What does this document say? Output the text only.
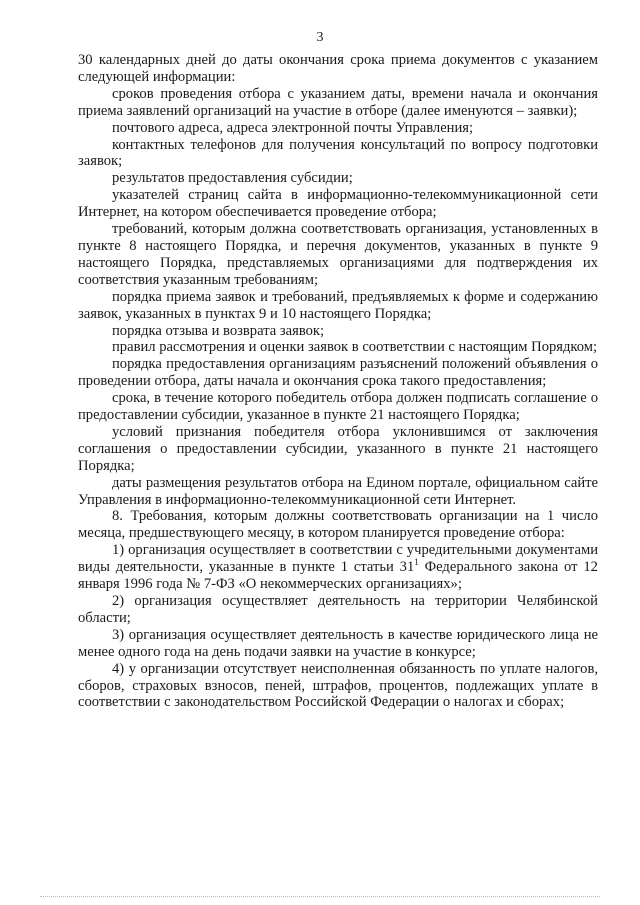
3

30 календарных дней до даты окончания срока приема документов с указанием следующей информации:

сроков проведения отбора с указанием даты, времени начала и окончания приема заявлений организаций на участие в отборе (далее именуются – заявки);

почтового адреса, адреса электронной почты Управления;

контактных телефонов для получения консультаций по вопросу подготовки заявок;

результатов предоставления субсидии;

указателей страниц сайта в информационно-телекоммуникационной сети Интернет, на котором обеспечивается проведение отбора;

требований, которым должна соответствовать организация, установленных в пункте 8 настоящего Порядка, и перечня документов, указанных в пункте 9 настоящего Порядка, представляемых организациями для подтверждения их соответствия указанным требованиям;

порядка приема заявок и требований, предъявляемых к форме и содержанию заявок, указанных в пунктах 9 и 10 настоящего Порядка;

порядка отзыва и возврата заявок;

правил рассмотрения и оценки заявок в соответствии с настоящим Порядком;

порядка предоставления организациям разъяснений положений объявления о проведении отбора, даты начала и окончания срока такого предоставления;

срока, в течение которого победитель отбора должен подписать соглашение о предоставлении субсидии, указанное в пункте 21 настоящего Порядка;

условий признания победителя отбора уклонившимся от заключения соглашения о предоставлении субсидии, указанного в пункте 21 настоящего Порядка;

даты размещения результатов отбора на Едином портале, официальном сайте Управления в информационно-телекоммуникационной сети Интернет.

8. Требования, которым должны соответствовать организации на 1 число месяца, предшествующего месяцу, в котором планируется проведение отбора:

1) организация осуществляет в соответствии с учредительными документами виды деятельности, указанные в пункте 1 статьи $31^1$ Федерального закона от 12 января 1996 года № 7-ФЗ «О некоммерческих организациях»;

2) организация осуществляет деятельность на территории Челябинской области;

3) организация осуществляет деятельность в качестве юридического лица не менее одного года на день подачи заявки на участие в конкурсе;

4) у организации отсутствует неисполненная обязанность по уплате налогов, сборов, страховых взносов, пеней, штрафов, процентов, подлежащих уплате в соответствии с законодательством Российской Федерации о налогах и сборах;
